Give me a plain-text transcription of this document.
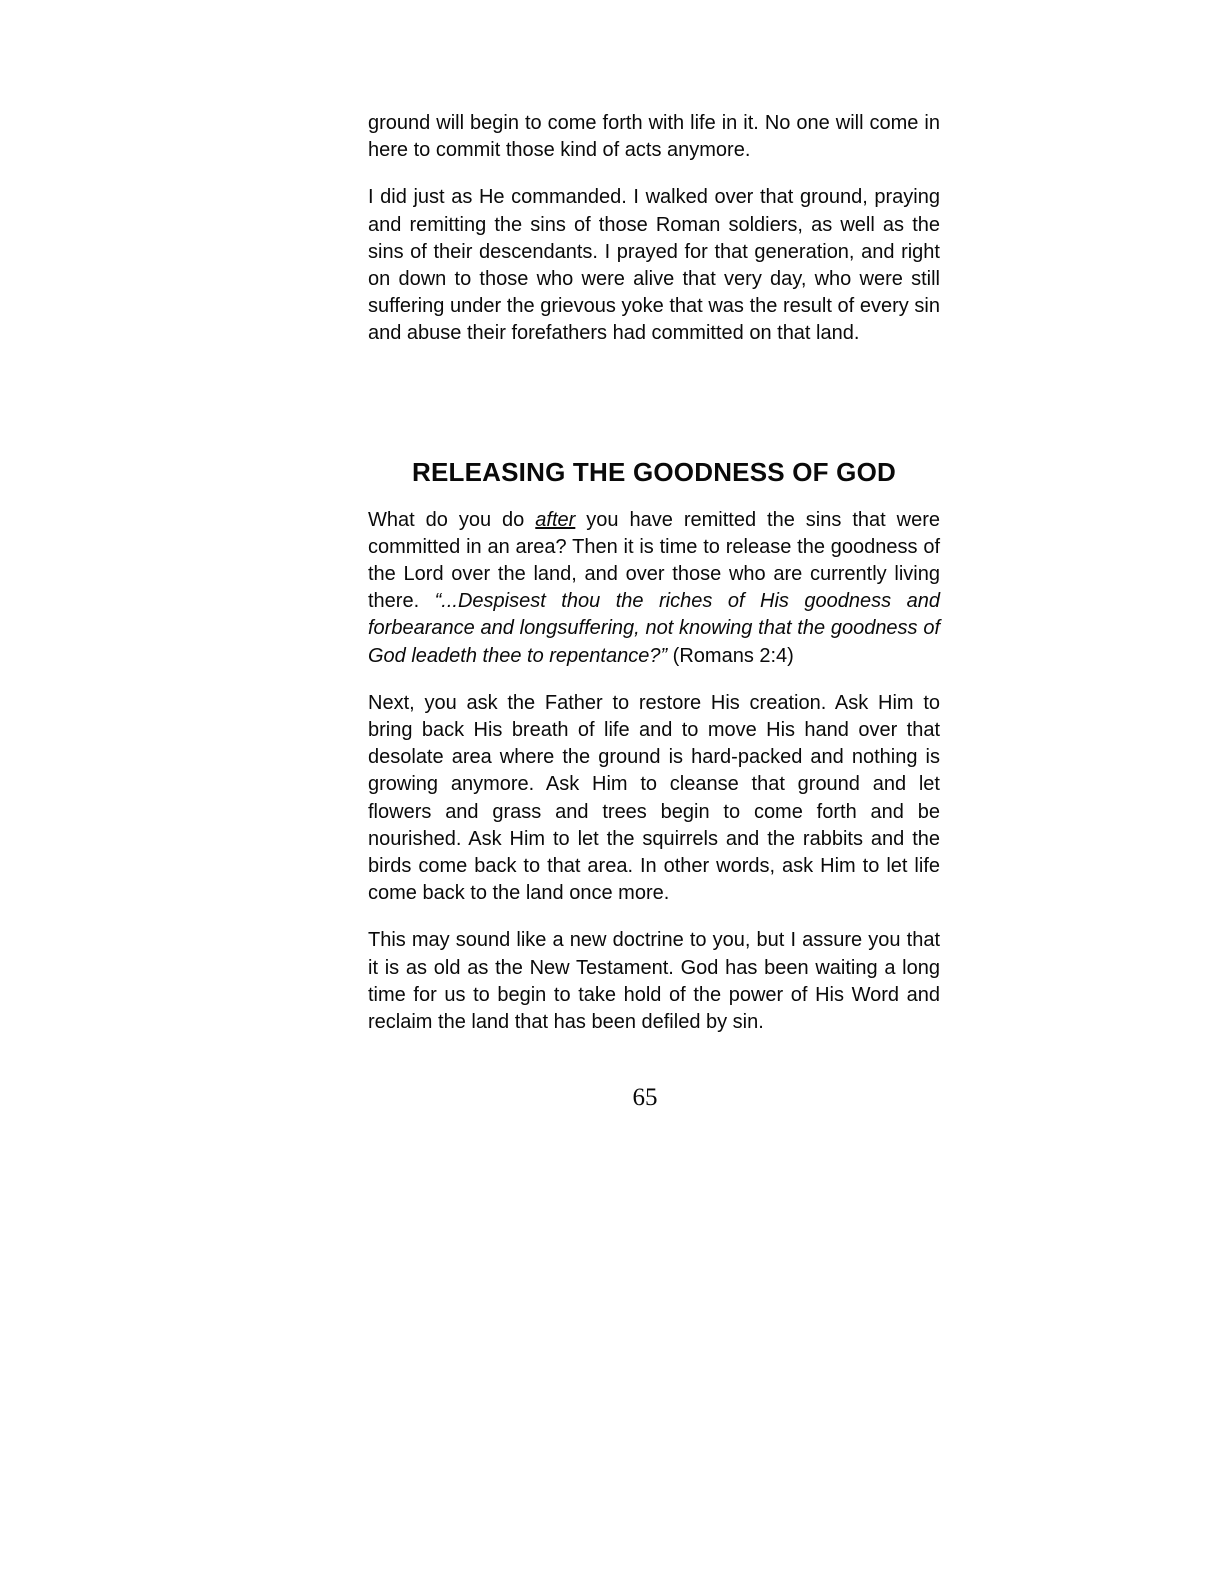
ground will begin to come forth with life in it. No one will come in here to commit those kind of acts anymore.

I did just as He commanded. I walked over that ground, praying and remitting the sins of those Roman soldiers, as well as the sins of their descendants. I prayed for that generation, and right on down to those who were alive that very day, who were still suffering under the grievous yoke that was the result of every sin and abuse their forefathers had committed on that land.

RELEASING THE GOODNESS OF GOD

What do you do after you have remitted the sins that were committed in an area? Then it is time to release the goodness of the Lord over the land, and over those who are currently living there. “...Despisest thou the riches of His goodness and forbearance and longsuffering, not knowing that the goodness of God leadeth thee to repentance?” (Romans 2:4)

Next, you ask the Father to restore His creation. Ask Him to bring back His breath of life and to move His hand over that desolate area where the ground is hard-packed and nothing is growing anymore. Ask Him to cleanse that ground and let flowers and grass and trees begin to come forth and be nourished. Ask Him to let the squirrels and the rabbits and the birds come back to that area. In other words, ask Him to let life come back to the land once more.

This may sound like a new doctrine to you, but I assure you that it is as old as the New Testament. God has been waiting a long time for us to begin to take hold of the power of His Word and reclaim the land that has been defiled by sin.

65
